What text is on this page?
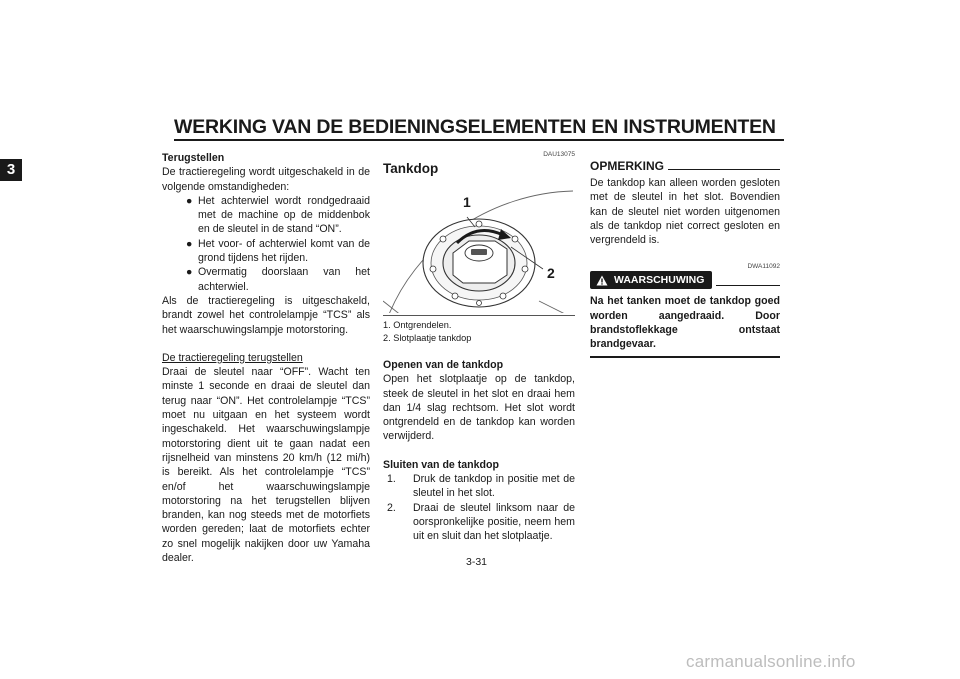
WERKING VAN DE BEDIENINGSELEMENTEN EN INSTRUMENTEN
3

Terugstellen

De tractieregeling wordt uitgeschakeld in de volgende omstandigheden:

● Het achterwiel wordt rondgedraaid met de machine op de middenbok en de sleutel in de stand “ON”.
● Het voor- of achterwiel komt van de grond tijdens het rijden.
● Overmatig doorslaan van het achterwiel.

Als de tractieregeling is uitgeschakeld, brandt zowel het controlelampje “TCS” als het waarschuwingslampje motorstoring.

De tractieregeling terugstellen

Draai de sleutel naar “OFF”. Wacht ten minste 1 seconde en draai de sleutel dan terug naar “ON”. Het controlelampje “TCS” moet nu uitgaan en het systeem wordt ingeschakeld. Het waarschuwingslampje motorstoring dient uit te gaan nadat een rijsnelheid van minstens 20 km/h (12 mi/h) is bereikt. Als het controlelampje “TCS” en/of het waarschuwingslampje motorstoring na het terugstellen blijven branden, kan nog steeds met de motorfiets worden gereden; laat de motorfiets echter zo snel mogelijk nakijken door uw Yamaha dealer.

DAU13075
Tankdop
1
2
1. Ontgrendelen.
2. Slotplaatje tankdop

Openen van de tankdop

Open het slotplaatje op de tankdop, steek de sleutel in het slot en draai hem dan 1/4 slag rechtsom. Het slot wordt ontgrendeld en de tankdop kan worden verwijderd.

Sluiten van de tankdop

1. Druk de tankdop in positie met de sleutel in het slot.
2. Draai de sleutel linksom naar de oorspronkelijke positie, neem hem uit en sluit dan het slotplaatje.
OPMERKING

De tankdop kan alleen worden gesloten met de sleutel in het slot. Bovendien kan de sleutel niet worden uitgenomen als de tankdop niet correct gesloten en vergrendeld is.

DWA11092
WAARSCHUWING

Na het tanken moet de tankdop goed worden aangedraaid. Door brandstoflekkage ontstaat brandgevaar.

3-31
carmanualsonline.info
